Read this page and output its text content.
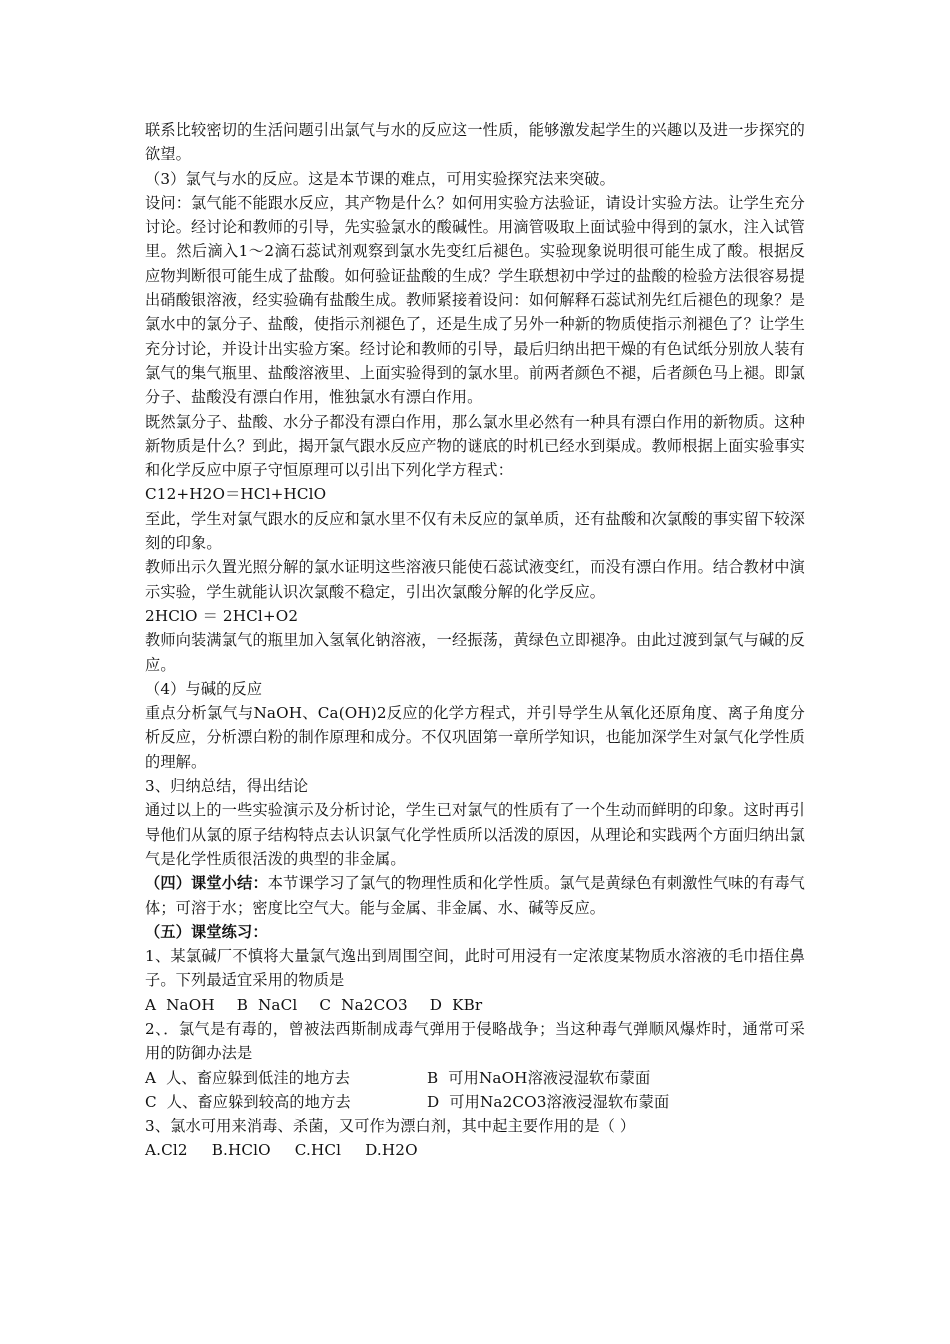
联系比较密切的生活问题引出氯气与水的反应这一性质，能够激发起学生的兴趣以及进一步探究的欲望。

（3）氯气与水的反应。这是本节课的难点，可用实验探究法来突破。

设问：氯气能不能跟水反应，其产物是什么？如何用实验方法验证，请设计实验方法。让学生充分讨论。经讨论和教师的引导，先实验氯水的酸碱性。用滴管吸取上面试验中得到的氯水，注入试管里。然后滴入1～2滴石蕊试剂观察到氯水先变红后褪色。实验现象说明很可能生成了酸。根据反应物判断很可能生成了盐酸。如何验证盐酸的生成？学生联想初中学过的盐酸的检验方法很容易提出硝酸银溶液，经实验确有盐酸生成。教师紧接着设问：如何解释石蕊试剂先红后褪色的现象？是氯水中的氯分子、盐酸，使指示剂褪色了，还是生成了另外一种新的物质使指示剂褪色了？让学生充分讨论，并设计出实验方案。经讨论和教师的引导，最后归纳出把干燥的有色试纸分别放人装有氯气的集气瓶里、盐酸溶液里、上面实验得到的氯水里。前两者颜色不褪，后者颜色马上褪。即氯分子、盐酸没有漂白作用，惟独氯水有漂白作用。

既然氯分子、盐酸、水分子都没有漂白作用，那么氯水里必然有一种具有漂白作用的新物质。这种新物质是什么？到此，揭开氯气跟水反应产物的谜底的时机已经水到渠成。教师根据上面实验事实和化学反应中原子守恒原理可以引出下列化学方程式：

C12+H2O＝HCl+HClO

至此，学生对氯气跟水的反应和氯水里不仅有未反应的氯单质，还有盐酸和次氯酸的事实留下较深刻的印象。

教师出示久置光照分解的氯水证明这些溶液只能使石蕊试液变红，而没有漂白作用。结合教材中演示实验，学生就能认识次氯酸不稳定，引出次氯酸分解的化学反应。

2HClO ＝ 2HCl+O2

教师向装满氯气的瓶里加入氢氧化钠溶液，一经振荡，黄绿色立即褪净。由此过渡到氯气与碱的反应。

（4）与碱的反应

重点分析氯气与NaOH、Ca(OH)2反应的化学方程式，并引导学生从氧化还原角度、离子角度分析反应，分析漂白粉的制作原理和成分。不仅巩固第一章所学知识，也能加深学生对氯气化学性质的理解。

3、归纳总结，得出结论

通过以上的一些实验演示及分析讨论，学生已对氯气的性质有了一个生动而鲜明的印象。这时再引导他们从氯的原子结构特点去认识氯气化学性质所以活泼的原因，从理论和实践两个方面归纳出氯气是化学性质很活泼的典型的非金属。

（四）课堂小结：本节课学习了氯气的物理性质和化学性质。氯气是黄绿色有刺激性气味的有毒气体；可溶于水；密度比空气大。能与金属、非金属、水、碱等反应。

（五）课堂练习：

1、某氯碱厂不慎将大量氯气逸出到周围空间，此时可用浸有一定浓度某物质水溶液的毛巾捂住鼻子。下列最适宜采用的物质是

A  NaOH B  NaCl C  Na2CO3 D  KBr

2、．氯气是有毒的，曾被法西斯制成毒气弹用于侵略战争；当这种毒气弹顺风爆炸时，通常可采用的防御办法是

A  人、畜应躲到低洼的地方去	B  可用NaOH溶液浸湿软布蒙面
C  人、畜应躲到较高的地方去	D  可用Na2CO3溶液浸湿软布蒙面

3、氯水可用来消毒、杀菌，又可作为漂白剂，其中起主要作用的是（ ）

A.Cl2 B.HClO C.HCl D.H2O
